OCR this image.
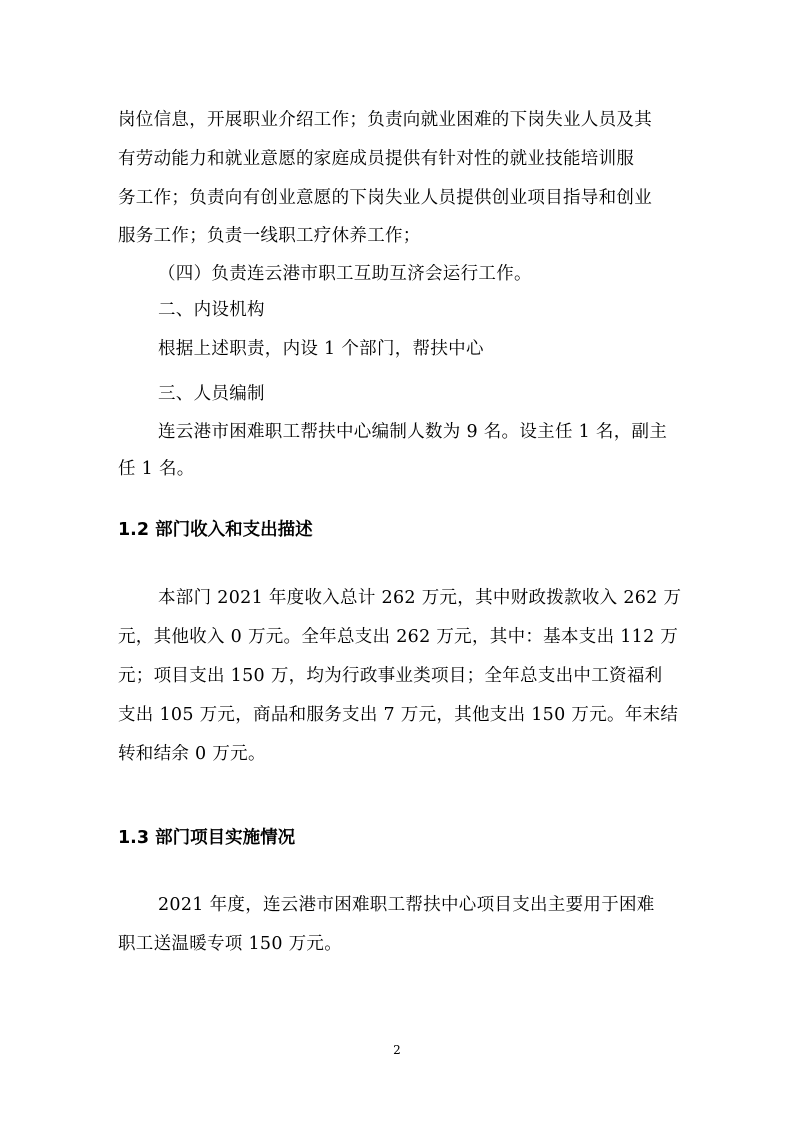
岗位信息，开展职业介绍工作；负责向就业困难的下岗失业人员及其
有劳动能力和就业意愿的家庭成员提供有针对性的就业技能培训服
务工作；负责向有创业意愿的下岗失业人员提供创业项目指导和创业
服务工作；负责一线职工疗休养工作；
（四）负责连云港市职工互助互济会运行工作。
二、内设机构
根据上述职责，内设 1 个部门，帮扶中心
三、人员编制
连云港市困难职工帮扶中心编制人数为 9 名。设主任 1 名，副主
任 1 名。
1.2 部门收入和支出描述
本部门 2021 年度收入总计 262 万元，其中财政拨款收入 262 万
元，其他收入 0 万元。全年总支出 262 万元，其中：基本支出 112 万
元；项目支出 150 万，均为行政事业类项目；全年总支出中工资福利
支出 105 万元，商品和服务支出 7 万元，其他支出 150 万元。年末结
转和结余 0 万元。
1.3 部门项目实施情况
2021 年度，连云港市困难职工帮扶中心项目支出主要用于困难
职工送温暖专项 150 万元。
2
